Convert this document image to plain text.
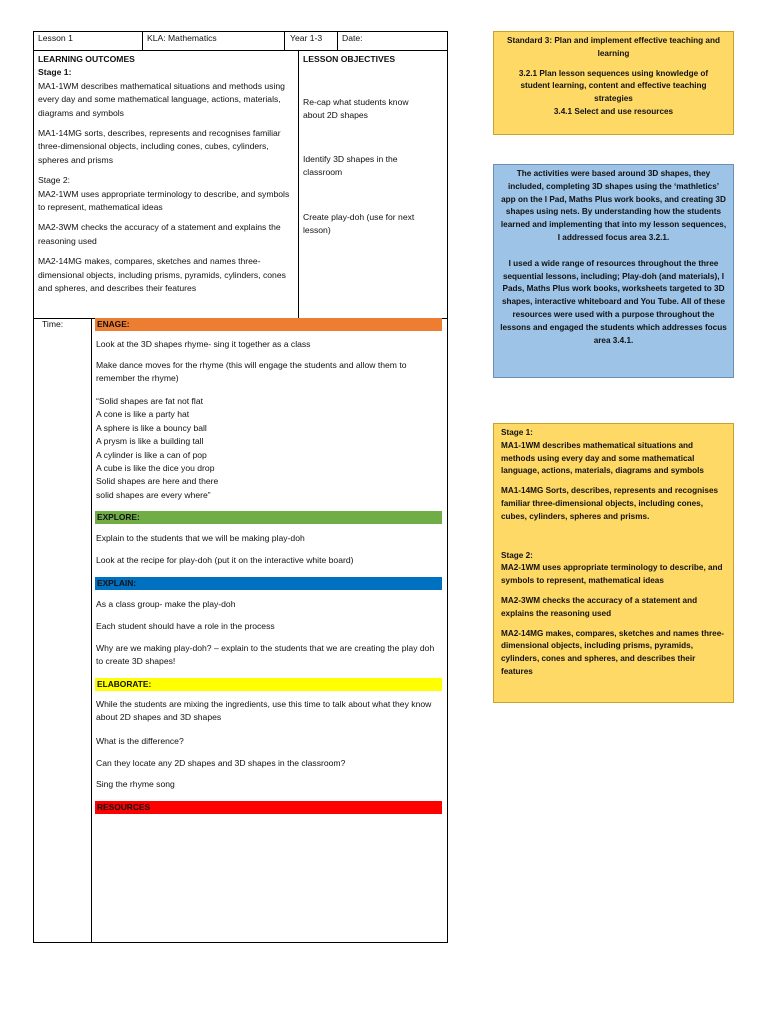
Lesson 1	KLA: Mathematics	Year 1-3 Date:

LEARNING OUTCOMES

Stage 1:

MA1-1WM describes mathematical situations and methods using every day and some mathematical language, actions, materials, diagrams and symbols

MA1-14MG sorts, describes, represents and recognises familiar three-dimensional objects, including cones, cubes, cylinders, spheres and prisms

Stage 2:

MA2-1WM uses appropriate terminology to describe, and symbols to represent, mathematical ideas

MA2-3WM checks the accuracy of a statement and explains the reasoning used

MA2-14MG makes, compares, sketches and names three-dimensional objects, including prisms, pyramids, cylinders, cones and spheres, and describes their features

LESSON OBJECTIVES
Re-cap what students know about 2D shapes
Identify 3D shapes in the classroom
Create play-doh (use for next lesson)
Time:	ENAGE:
Look at the 3D shapes rhyme- sing it together as a class
Make dance moves for the rhyme (this will engage the students and allow them to remember the rhyme)

“Solid shapes are fat not flat

A cone is like a party hat

A sphere is like a bouncy ball

A prysm is like a building tall

A cylinder is like a can of pop

A cube is like the dice you drop

Solid shapes are here and there

solid shapes are every where”

EXPLORE:
Explain to the students that we will be making play-doh
Look at the recipe for play-doh (put it on the interactive white board)
EXPLAIN:
As a class group- make the play-doh
Each student should have a role in the process
Why are we making play-doh? – explain to the students that we are creating the play doh to create 3D shapes!
ELABORATE:
While the students are mixing the ingredients, use this time to talk about what they know about 2D shapes and 3D shapes
What is the difference?
Can they locate any 2D shapes and 3D shapes in the classroom?
Sing the rhyme song
RESOURCES

Standard 3: Plan and implement effective teaching and learning

3.2.1 Plan lesson sequences using knowledge of student learning, content and effective teaching strategies

3.4.1 Select and use resources

The activities were based around 3D shapes, they included, completing 3D shapes using the ‘mathletics’ app on the I Pad, Maths Plus work books, and creating 3D shapes using nets. By understanding how the students learned and implementing that into my lesson sequences, I addressed focus area 3.2.1.

I used a wide range of resources throughout the three sequential lessons, including; Play-doh (and materials), I Pads, Maths Plus work books, worksheets targeted to 3D shapes, interactive whiteboard and You Tube. All of these resources were used with a purpose throughout the lessons and engaged the students which addresses focus area 3.4.1.

Stage 1:

MA1-1WM describes mathematical situations and methods using every day and some mathematical language, actions, materials, diagrams and symbols

MA1-14MG Sorts, describes, represents and recognises familiar three-dimensional objects, including cones, cubes, cylinders, spheres and prisms.

Stage 2:

MA2-1WM uses appropriate terminology to describe, and symbols to represent, mathematical ideas

MA2-3WM checks the accuracy of a statement and explains the reasoning used

MA2-14MG makes, compares, sketches and names three-dimensional objects, including prisms, pyramids, cylinders, cones and spheres, and describes their features
